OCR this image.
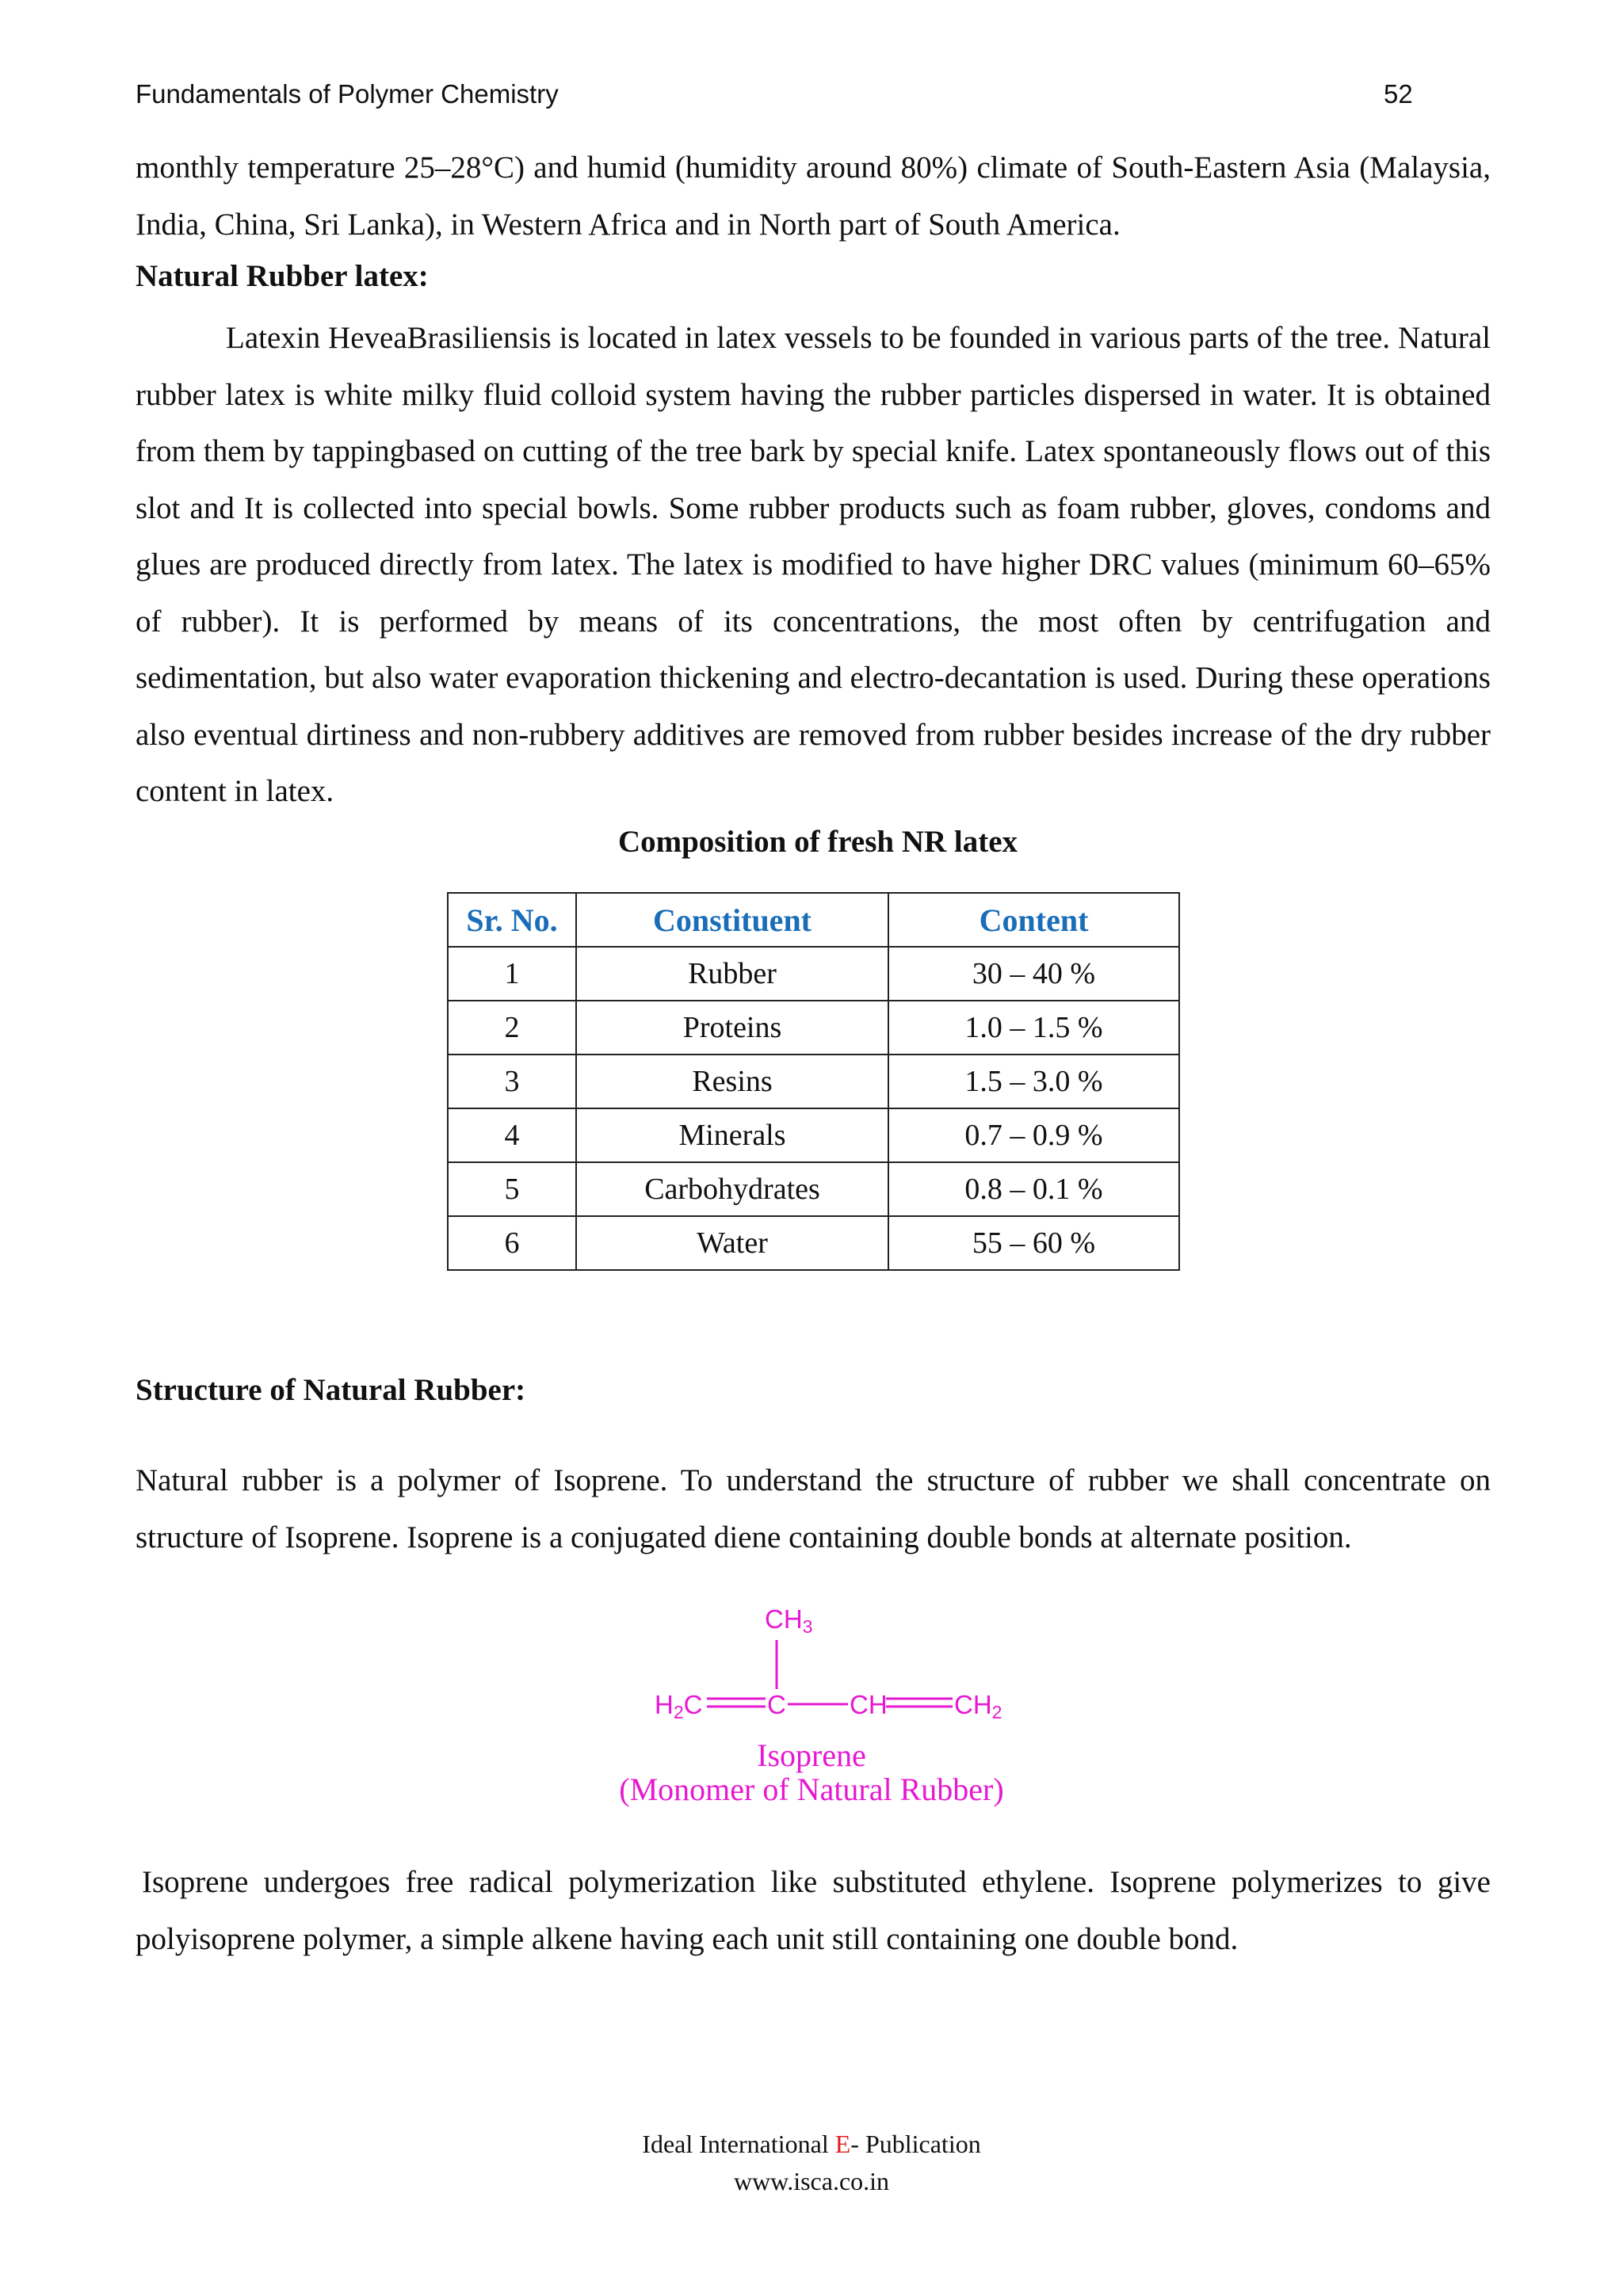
Fundamentals of Polymer Chemistry	52
monthly temperature 25–28°C) and humid (humidity around 80%) climate of South-Eastern Asia (Malaysia, India, China, Sri Lanka), in Western Africa and in North part of South America.
Natural Rubber latex:
Latexin HeveaBrasiliensis is located in latex vessels to be founded in various parts of the tree. Natural rubber latex is white milky fluid colloid system having the rubber particles dispersed in water. It is obtained from them by tappingbased on cutting of the tree bark by special knife. Latex spontaneously flows out of this slot and It is collected into special bowls. Some rubber products such as foam rubber, gloves, condoms and glues are produced directly from latex. The latex is modified to have higher DRC values (minimum 60–65% of rubber). It is performed by means of its concentrations, the most often by centrifugation and sedimentation, but also water evaporation thickening and electro-decantation is used. During these operations also eventual dirtiness and non-rubbery additives are removed from rubber besides increase of the dry rubber content in latex.
Composition of fresh NR latex
Sr. No.	Constituent	Content
1	Rubber	30 – 40 %
2	Proteins	1.0 – 1.5 %
3	Resins	1.5 – 3.0 %
4	Minerals	0.7 – 0.9 %
5	Carbohydrates	0.8 – 0.1 %
6	Water	55 – 60 %
Structure of Natural Rubber:
Natural rubber is a polymer of Isoprene. To understand the structure of rubber we shall concentrate on structure of Isoprene. Isoprene is a conjugated diene containing double bonds at alternate position.
CH3
H2C C CH	CH2
Isoprene
(Monomer of Natural Rubber)
Isoprene undergoes free radical polymerization like substituted ethylene. Isoprene polymerizes to give polyisoprene polymer, a simple alkene having each unit still containing one double bond.
Ideal International E- Publication
www.isca.co.in
